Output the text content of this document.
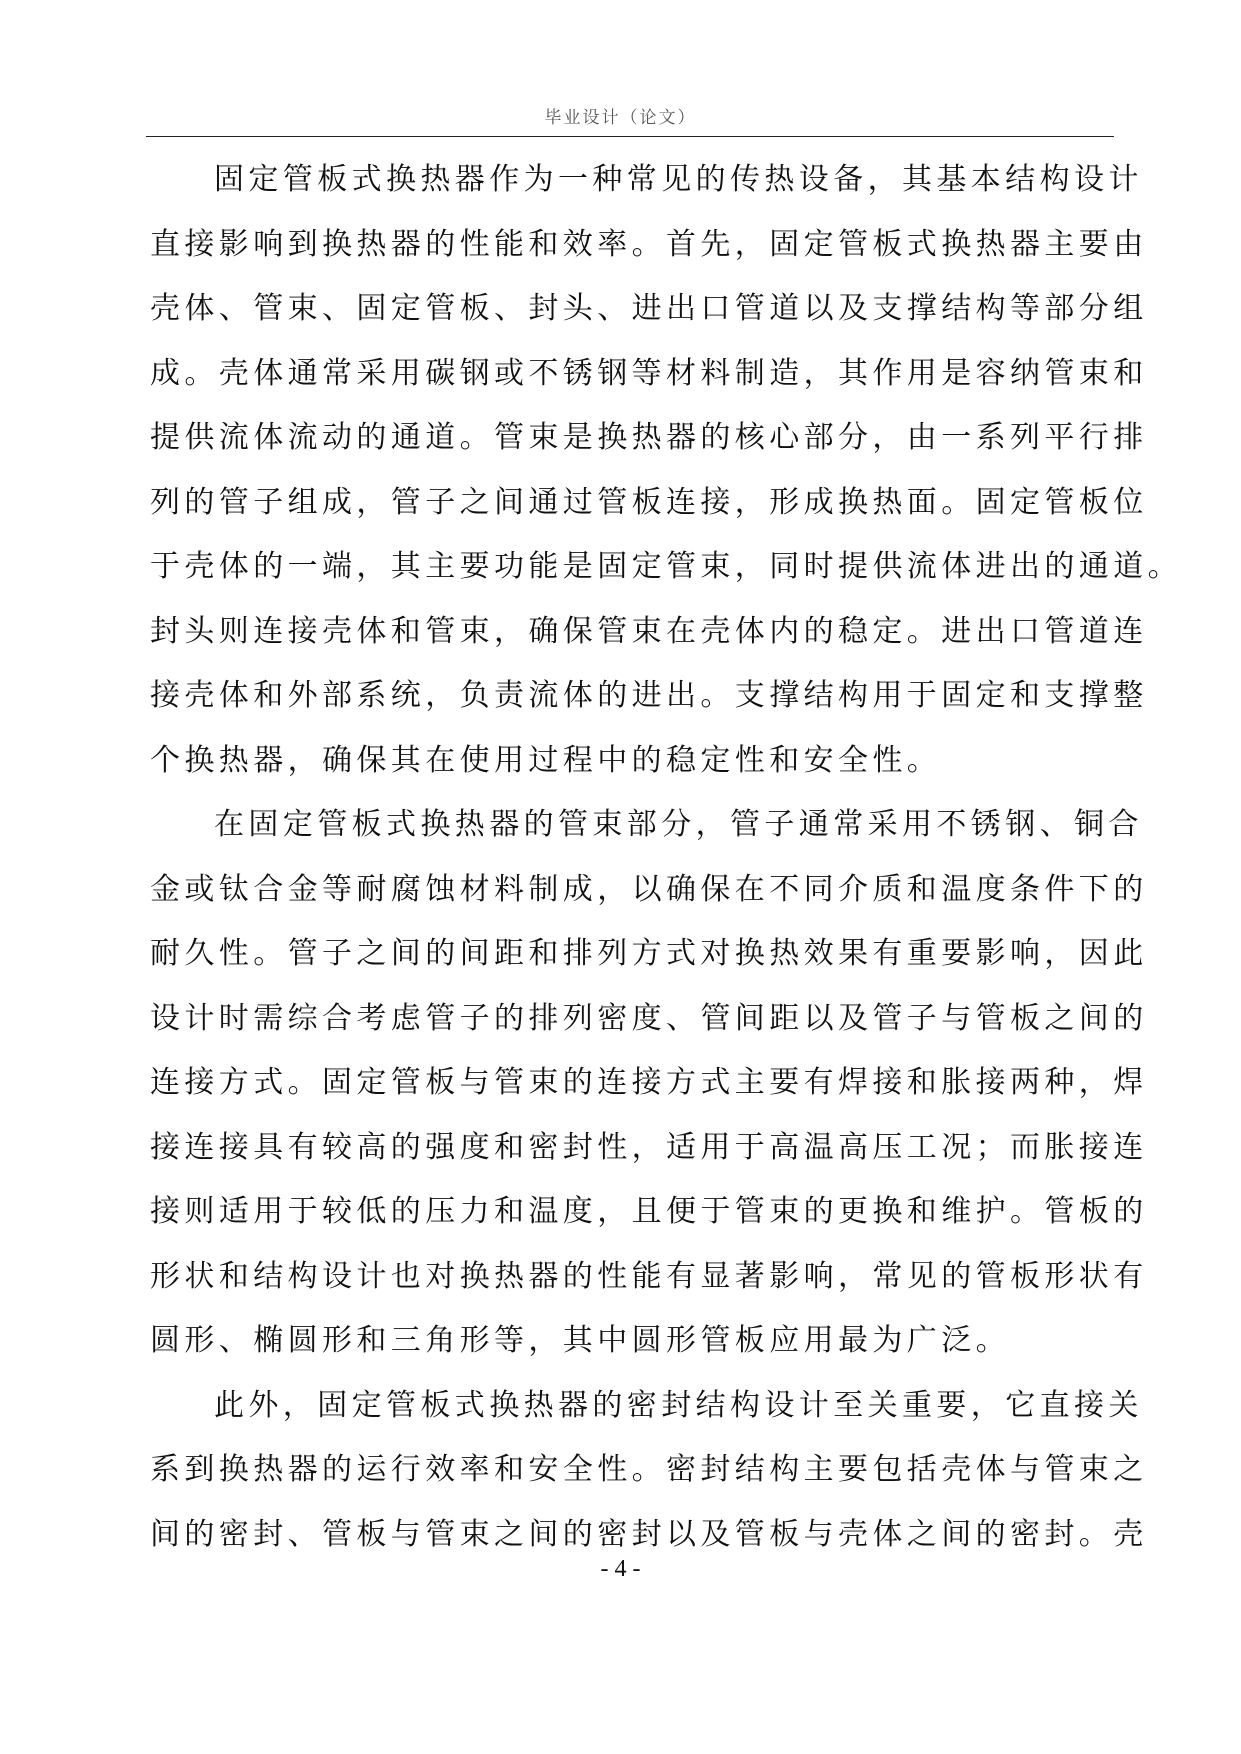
毕业设计（论文）
固定管板式换热器作为一种常见的传热设备，其基本结构设计
直接影响到换热器的性能和效率。首先，固定管板式换热器主要由
壳体、管束、固定管板、封头、进出口管道以及支撑结构等部分组
成。壳体通常采用碳钢或不锈钢等材料制造，其作用是容纳管束和
提供流体流动的通道。管束是换热器的核心部分，由一系列平行排
列的管子组成，管子之间通过管板连接，形成换热面。固定管板位
于壳体的一端，其主要功能是固定管束，同时提供流体进出的通道。
封头则连接壳体和管束，确保管束在壳体内的稳定。进出口管道连
接壳体和外部系统，负责流体的进出。支撑结构用于固定和支撑整
个换热器，确保其在使用过程中的稳定性和安全性。
在固定管板式换热器的管束部分，管子通常采用不锈钢、铜合
金或钛合金等耐腐蚀材料制成，以确保在不同介质和温度条件下的
耐久性。管子之间的间距和排列方式对换热效果有重要影响，因此
设计时需综合考虑管子的排列密度、管间距以及管子与管板之间的
连接方式。固定管板与管束的连接方式主要有焊接和胀接两种，焊
接连接具有较高的强度和密封性，适用于高温高压工况；而胀接连
接则适用于较低的压力和温度，且便于管束的更换和维护。管板的
形状和结构设计也对换热器的性能有显著影响，常见的管板形状有
圆形、椭圆形和三角形等，其中圆形管板应用最为广泛。
此外，固定管板式换热器的密封结构设计至关重要，它直接关
系到换热器的运行效率和安全性。密封结构主要包括壳体与管束之
间的密封、管板与管束之间的密封以及管板与壳体之间的密封。壳
- 4 -
